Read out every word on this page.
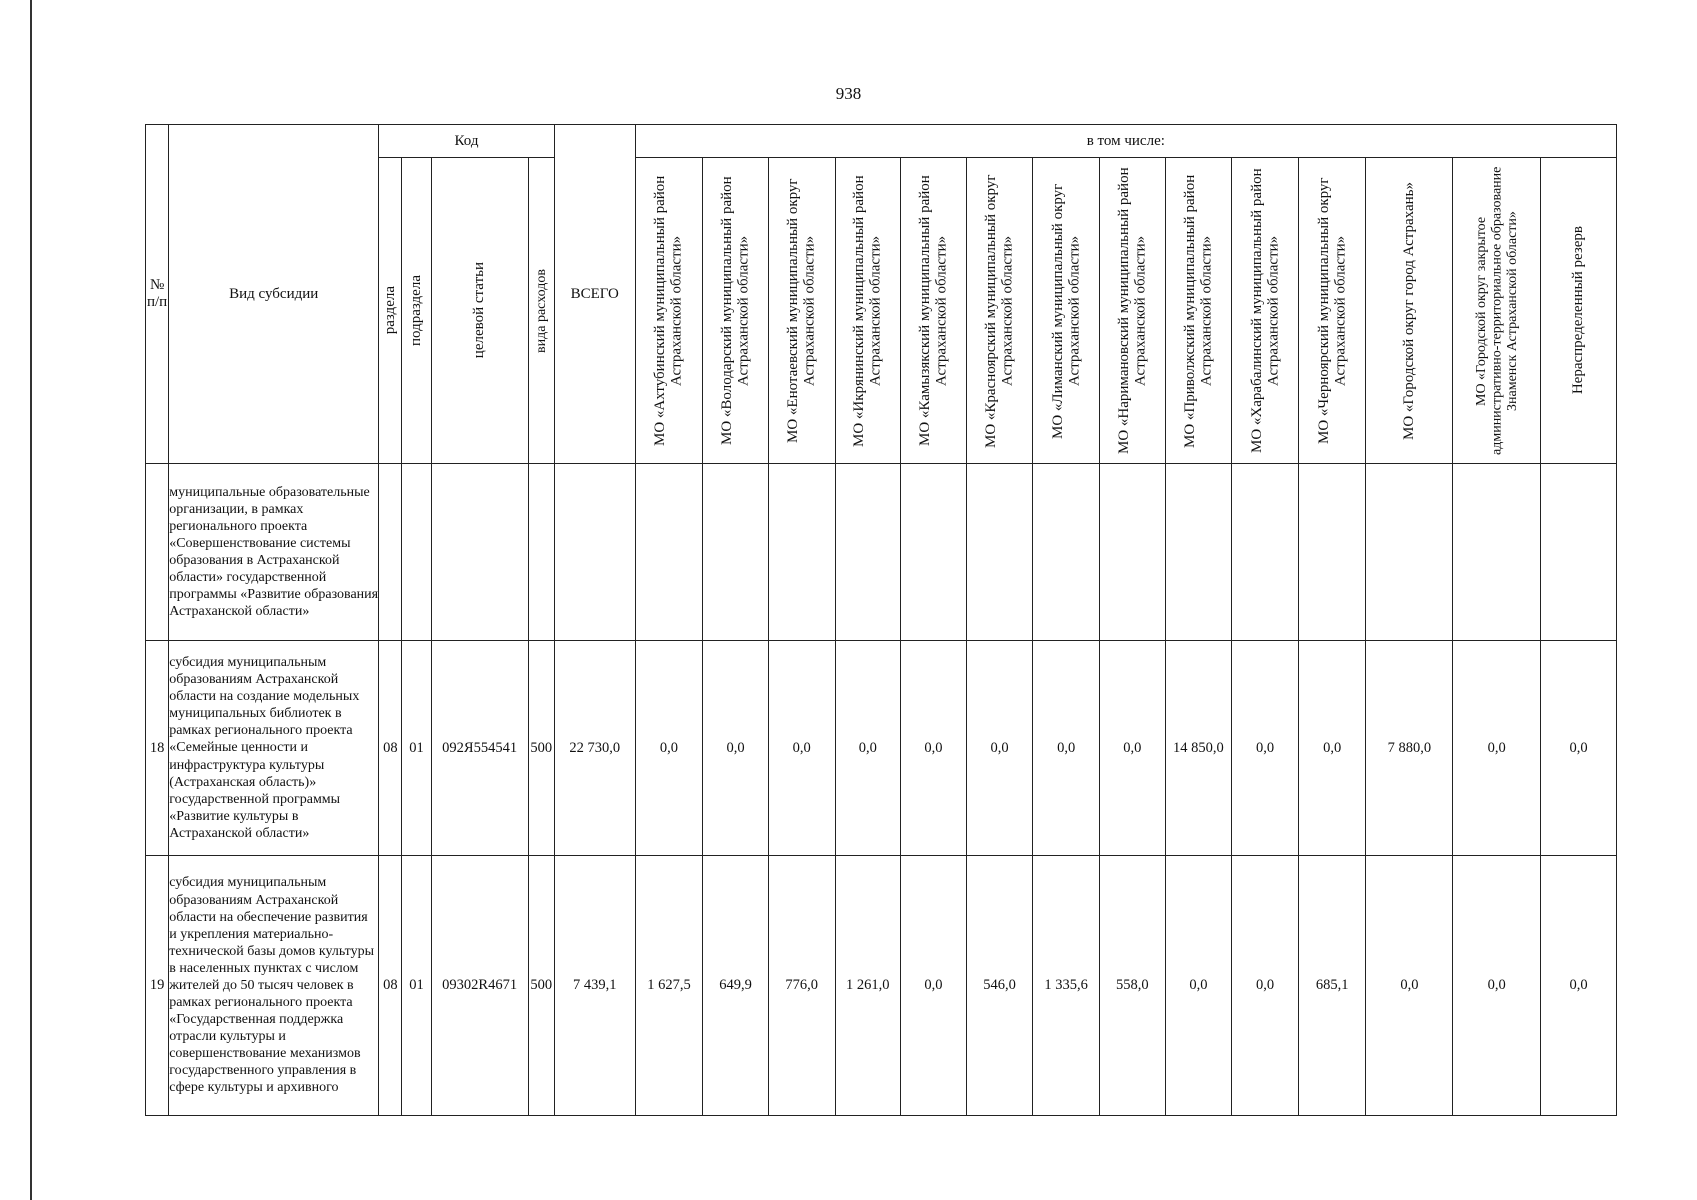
938
№ п/п	Вид субсидии	Код				ВСЕГО	в том числе:													

		раздела	подраздела	целевой статьи	вида расходов		МО «Ахтубинский муниципальный район Астраханской области»	МО «Володарский муниципальный район Астраханской области»	МО «Енотаевский муниципальный округ Астраханской области»	МО «Икрянинский муниципальный район Астраханской области»	МО «Камызякский муниципальный район Астраханской области»	МО «Красноярский муниципальный округ Астраханской области»	МО «Лиманский муниципальный округ Астраханской области»	МО «Наримановский муниципальный район Астраханской области»	МО «Приволжский муниципальный район Астраханской области»	МО «Харабалинский муниципальный район Астраханской области»	МО «Черноярский муниципальный округ Астраханской области»	МО «Городской округ город Астрахань»	МО «Городской округ закрытое административно-территориальное образование Знаменск Астраханской области»	Нераспределенный резерв

	муниципальные образовательные организации, в рамках регионального проекта «Совершенствование системы образования в Астраханской области» государственной программы «Развитие образования Астраханской области»																			
18	субсидия муниципальным образованиям Астраханской области на создание модельных муниципальных библиотек в рамках регионального проекта «Семейные ценности и инфраструктура культуры (Астраханская область)» государственной программы «Развитие культуры в Астраханской области»	08	01	092Я554541	500	22 730,0	0,0	0,0	0,0	0,0	0,0	0,0	0,0	0,0	14 850,0	0,0	0,0	7 880,0	0,0	0,0
19	субсидия муниципальным образованиям Астраханской области на обеспечение развития и укрепления материально-технической базы домов культуры в населенных пунктах с числом жителей до 50 тысяч человек в рамках регионального проекта «Государственная поддержка отрасли культуры и совершенствование механизмов государственного управления в сфере культуры и архивного	08	01	09302R4671	500	7 439,1	1 627,5	649,9	776,0	1 261,0	0,0	546,0	1 335,6	558,0	0,0	0,0	685,1	0,0	0,0	0,0
